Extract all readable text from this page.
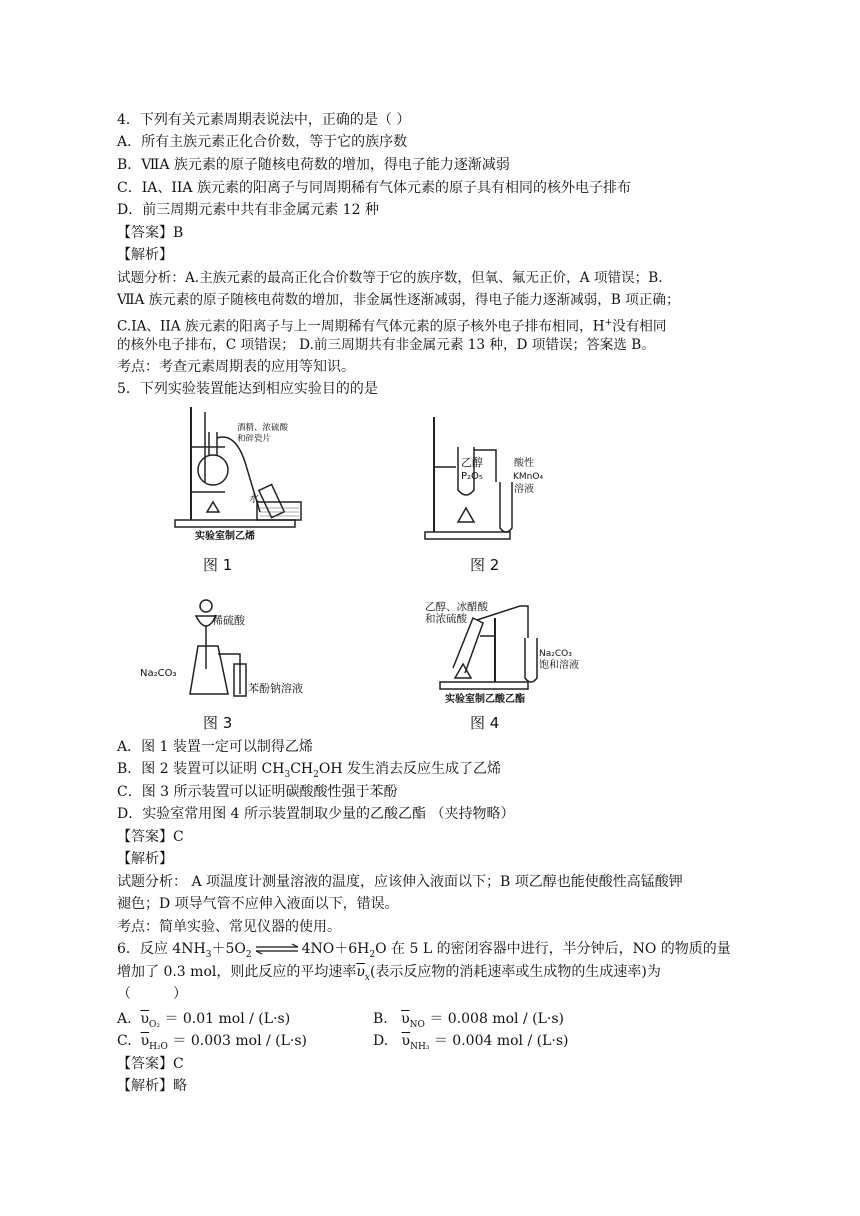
4．下列有关元素周期表说法中，正确的是（ ）
A．所有主族元素正化合价数，等于它的族序数
B．ⅦA 族元素的原子随核电荷数的增加，得电子能力逐渐减弱
C．IA、IIA 族元素的阳离子与同周期稀有气体元素的原子具有相同的核外电子排布
D．前三周期元素中共有非金属元素 12 种
【答案】B
【解析】
试题分析：A.主族元素的最高正化合价数等于它的族序数，但氧、氟无正价，A 项错误；B.
ⅦA 族元素的原子随核电荷数的增加，非金属性逐渐减弱，得电子能力逐渐减弱，B 项正确；
C.IA、IIA 族元素的阳离子与上一周期稀有气体元素的原子核外电子排布相同，H+没有相同
的核外电子排布，C 项错误； D.前三周期共有非金属元素 13 种，D 项错误；答案选 B。
考点：考查元素周期表的应用等知识。
5．下列实验装置能达到相应实验目的的是
酒精、浓硫酸
和碎瓷片
水
实验室制乙烯
图 1
乙醇
P₂O₅
酸性
KMnO₄
溶液
图 2
稀硫酸
Na₂CO₃
苯酚钠溶液
图 3
乙醇、冰醋酸
和浓硫酸
Na₂CO₃
饱和溶液
实验室制乙酸乙酯
图 4
A．图 1 装置一定可以制得乙烯
B．图 2 装置可以证明 $CH_3CH_2OH$ 发生消去反应生成了乙烯
C．图 3 所示装置可以证明碳酸酸性强于苯酚
D．实验室常用图 4 所示装置制取少量的乙酸乙酯 （夹持物略）
【答案】C
【解析】
试题分析： A 项温度计测量溶液的温度，应该伸入液面以下；B 项乙醇也能使酸性高锰酸钾
褪色；D 项导气管不应伸入液面以下，错误。
考点：简单实验、常见仪器的使用。
6．反应 $4NH_3+5O_2$ $\rightleftharpoons 4NO+6H_2O$ 在 5 L 的密闭容器中进行，半分钟后，NO 的物质的量
增加了 0.3 mol，则此反应的平均速率$\overline{\upsilon}_x$(表示反应物的消耗速率或生成物的生成速率)为
（　　　）
A. $\overline{\upsilon}_{O_2} = 0.01$ mol / (L·s)	B. $\overline{\upsilon}_{NO} = 0.008$ mol / (L·s)
C. $\overline{\upsilon}_{H_2O} = 0.003$ mol / (L·s)	D. $\overline{\upsilon}_{NH_3} = 0.004$ mol / (L·s)
【答案】C
【解析】略
